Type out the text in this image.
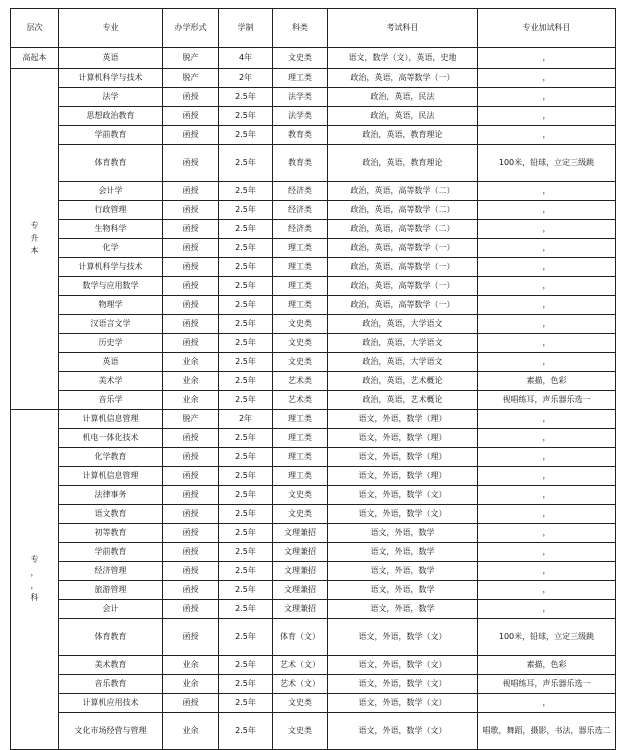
层次	专业	办学形式	学制	科类	考试科目	专业加试科目
高起本	英语	脱产	4年	文史类	语文，数学（文），英语，史地	，

专
升
本	计算机科学与技术	脱产	2年	理工类	政治，英语，高等数学（一）	，
	法学	函授	2.5年	法学类	政治，英语，民法	，
	思想政治教育	函授	2.5年	法学类	政治，英语，民法	，
	学前教育	函授	2.5年	教育类	政治，英语，教育理论	，
	体育教育	函授	2.5年	教育类	政治，英语，教育理论	100米，铅球，立定三级跳
	会计学	函授	2.5年	经济类	政治，英语，高等数学（二）	，
	行政管理	函授	2.5年	经济类	政治，英语，高等数学（二）	，
	生物科学	函授	2.5年	经济类	政治，英语，高等数学（二）	，
	化学	函授	2.5年	理工类	政治，英语，高等数学（一）	，
	计算机科学与技术	函授	2.5年	理工类	政治，英语，高等数学（一）	，
	数学与应用数学	函授	2.5年	理工类	政治，英语，高等数学（一）	，
	物理学	函授	2.5年	理工类	政治，英语，高等数学（一）	，
	汉语言文学	函授	2.5年	文史类	政治，英语，大学语文	，
	历史学	函授	2.5年	文史类	政治，英语，大学语文	，
	英语	业余	2.5年	文史类	政治，英语，大学语文	，
	美术学	业余	2.5年	艺术类	政治，英语，艺术概论	素描，色彩
	音乐学	业余	2.5年	艺术类	政治，英语，艺术概论	视唱练耳，声乐器乐选一

专
，
，
科	计算机信息管理	脱产	2年	理工类	语文，外语，数学（理）	，
	机电一体化技术	函授	2.5年	理工类	语文，外语，数学（理）	，
	化学教育	函授	2.5年	理工类	语文，外语，数学（理）	，
	计算机信息管理	函授	2.5年	理工类	语文，外语，数学（理）	，
	法律事务	函授	2.5年	文史类	语文，外语，数学（文）	，
	语文教育	函授	2.5年	文史类	语文，外语，数学（文）	，
	初等教育	函授	2.5年	文理兼招	语文，外语，数学	，
	学前教育	函授	2.5年	文理兼招	语文，外语，数学	，
	经济管理	函授	2.5年	文理兼招	语文，外语，数学	，
	旅游管理	函授	2.5年	文理兼招	语文，外语，数学	，
	会计	函授	2.5年	文理兼招	语文，外语，数学	，
	体育教育	函授	2.5年	体育（文）	语文，外语，数学（文）	100米，铅球，立定三级跳
	美术教育	业余	2.5年	艺术（文）	语文，外语，数学（文）	素描，色彩
	音乐教育	业余	2.5年	艺术（文）	语文，外语，数学（文）	视唱练耳，声乐器乐选一
	计算机应用技术	函授	2.5年	文史类	语文，外语，数学（文）	，
	文化市场经营与管理	业余	2.5年	文史类	语文，外语，数学（文）	唱歌，舞蹈，摄影，书法，器乐选二
